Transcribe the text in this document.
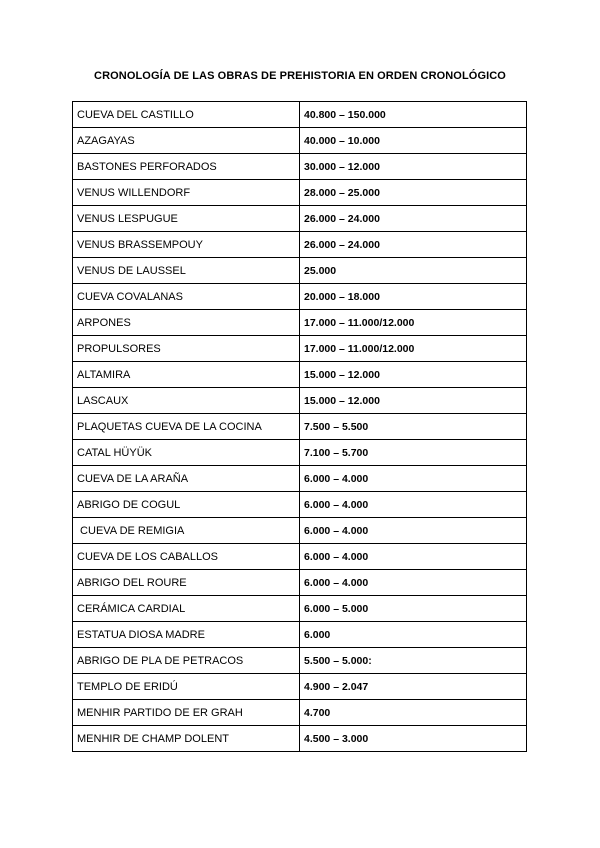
CRONOLOGÍA DE LAS OBRAS DE PREHISTORIA EN ORDEN CRONOLÓGICO
CUEVA DEL CASTILLO	40.800 – 150.000
AZAGAYAS	40.000 – 10.000
BASTONES PERFORADOS	30.000 – 12.000
VENUS WILLENDORF	28.000 – 25.000
VENUS LESPUGUE	26.000 – 24.000
VENUS BRASSEMPOUY	26.000 – 24.000
VENUS DE LAUSSEL	25.000
CUEVA COVALANAS	20.000 – 18.000
ARPONES	17.000 – 11.000/12.000
PROPULSORES	17.000 – 11.000/12.000
ALTAMIRA	15.000 – 12.000
LASCAUX	15.000 – 12.000
PLAQUETAS CUEVA DE LA COCINA	7.500 – 5.500
CATAL HÜYÜK	7.100 – 5.700
CUEVA DE LA ARAÑA	6.000 – 4.000
ABRIGO DE COGUL	6.000 – 4.000
CUEVA DE REMIGIA	6.000 – 4.000
CUEVA DE LOS CABALLOS	6.000 – 4.000
ABRIGO DEL ROURE	6.000 – 4.000
CERÁMICA CARDIAL	6.000 – 5.000
ESTATUA DIOSA MADRE	6.000
ABRIGO DE PLA DE PETRACOS	5.500 – 5.000:
TEMPLO DE ERIDÚ	4.900 – 2.047
MENHIR PARTIDO DE ER GRAH	4.700
MENHIR DE CHAMP DOLENT	4.500 – 3.000
